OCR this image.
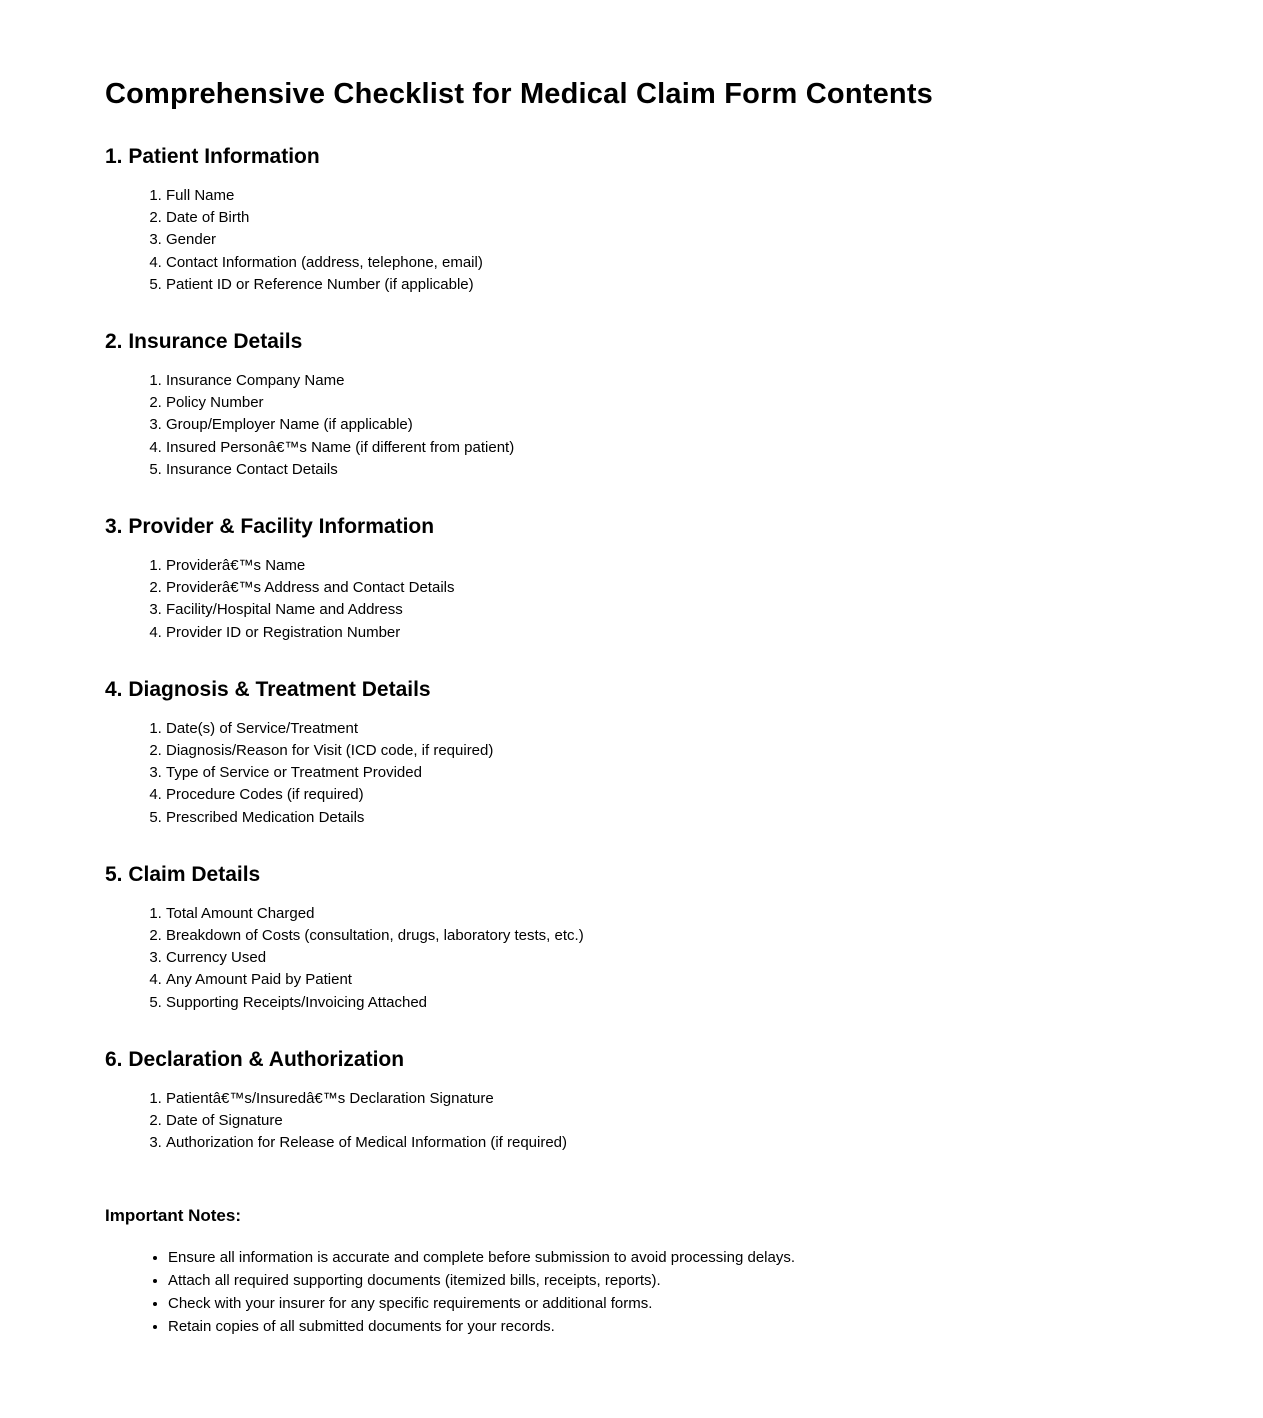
Comprehensive Checklist for Medical Claim Form Contents
1. Patient Information
1. Full Name
2. Date of Birth
3. Gender
4. Contact Information (address, telephone, email)
5. Patient ID or Reference Number (if applicable)
2. Insurance Details
1. Insurance Company Name
2. Policy Number
3. Group/Employer Name (if applicable)
4. Insured Personâ€™s Name (if different from patient)
5. Insurance Contact Details
3. Provider & Facility Information
1. Providerâ€™s Name
2. Providerâ€™s Address and Contact Details
3. Facility/Hospital Name and Address
4. Provider ID or Registration Number
4. Diagnosis & Treatment Details
1. Date(s) of Service/Treatment
2. Diagnosis/Reason for Visit (ICD code, if required)
3. Type of Service or Treatment Provided
4. Procedure Codes (if required)
5. Prescribed Medication Details
5. Claim Details
1. Total Amount Charged
2. Breakdown of Costs (consultation, drugs, laboratory tests, etc.)
3. Currency Used
4. Any Amount Paid by Patient
5. Supporting Receipts/Invoicing Attached
6. Declaration & Authorization
1. Patientâ€™s/Insuredâ€™s Declaration Signature
2. Date of Signature
3. Authorization for Release of Medical Information (if required)
Important Notes:
• Ensure all information is accurate and complete before submission to avoid processing delays.
• Attach all required supporting documents (itemized bills, receipts, reports).
• Check with your insurer for any specific requirements or additional forms.
• Retain copies of all submitted documents for your records.
